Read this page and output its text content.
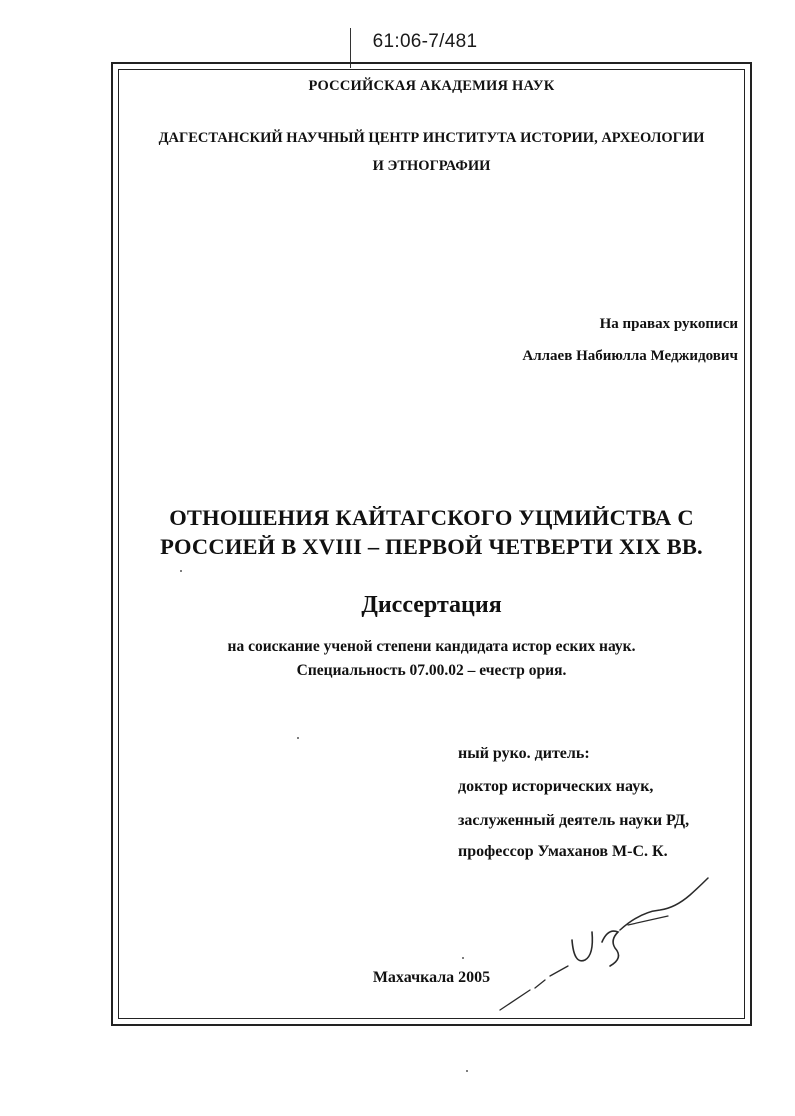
61:06-7/481
РОССИЙСКАЯ АКАДЕМИЯ НАУК
ДАГЕСТАНСКИЙ НАУЧНЫЙ ЦЕНТР ИНСТИТУТА ИСТОРИИ, АРХЕОЛОГИИ
И ЭТНОГРАФИИ
На правах рукописи
Аллаев Набиюлла Меджидович
ОТНОШЕНИЯ КАЙТАГСКОГО УЦМИЙСТВА С
РОССИЕЙ В XVIII – ПЕРВОЙ ЧЕТВЕРТИ XIX ВВ.
Диссертация
на соискание ученой степени кандидата истор еских наук.
Специальность 07.00.02 – ечестр ория.
ный руко. дитель:
доктор исторических наук,
заслуженный деятель науки РД,
профессор Умаханов М-С. К.
Махачкала 2005
